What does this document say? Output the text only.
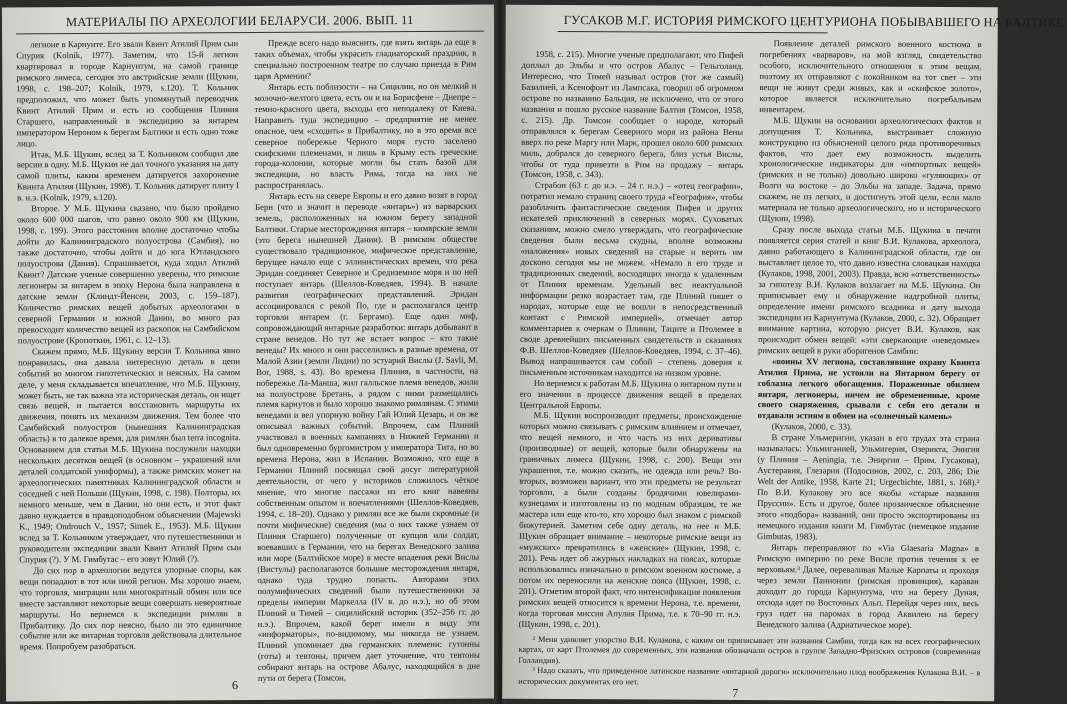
МАТЕРИАЛЫ ПО АРХЕОЛОГИИ БЕЛАРУСИ. 2006. ВЫП. 11

легионе в Карнунте. Его звали Квинт Атилий Прим сын Спурия (Kolník, 1977). Заметим, что 15-й легион квартировал в городе Карнунтум, на самой границе римского лимеса, сегодня это австрийские земли (Щукин, 1998, с. 198–207; Kolník, 1979, s.120). Т. Кольник предположил, что может быть упомянутый переводчик Квинт Атилий Прим и есть из сообщения Плиния Старшего, направленный в экспедицию за янтарем императором Нероном к берегам Балтики и есть одно тоже лицо.

Итак, М.Б. Щукин, вслед за Т. Кольником сообщил две версии в одну. М.Б. Щукин не дал точного указания на дату самой плиты, каким временем датируется захоронение Квинта Атилия (Щукин, 1998). Т. Кольник датирует плиту I в. н.э. (Kolník, 1979, s.120).

Второе. У М.Б. Щукина сказано, что было пройдено около 600 000 шагов, что равно около 900 км (Щукин, 1998, с. 199). Этого расстояния вполне достаточно чтобы дойти до Калининградского полуострова (Самбия), но также достаточно, чтобы дойти и до юга Ютландского полуострова (Дания). Спрашивается, куда ходил Атилий Квинт? Датские ученые совершенно уверены, что римские легионеры за янтарем в эпоху Нерона была направлена в датские земли (Клиндт-Йенсен, 2003, с. 159–187). Количество римских вещей добытых археологами в северной Германии и южной Дании, во много раз превосходит количество вещей из раскопок на Самбийском полуострове (Кропоткин, 1961, с. 12–13).

Скажем прямо, М.Б. Щукину версия Т. Кольника явно понравилась, она давала интересную деталь в цепи событий во многом гипотетических и неясных. На самом деле, у меня складывается впечатление, что М.Б. Щукину, может быть, не так важна эта историческая деталь, он ищет связь вещей, и пытается восстановить маршруты их движения, понять их механизм движения. Тем более что Самбийский полуостров (нынешняя Калининградская область) в то далекое время, для римлян был terra incognita. Основанием для статьи М.Б. Щукина послужили находки нескольких десятков вещей (в основном – украшений или деталей солдатской униформы), а также римских монет на археологических памятниках Калининградской области и соседней с ней Польши (Щукин, 1998, с. 198). Полторы, их немного меньше, чем в Дании, но они есть, и этот факт давно нуждается в правдоподобном объяснении (Majewski K., 1949; Ondrouch V., 1957; Simek E., 1953). М.Б. Щукин вслед за Т. Кольником утверждает, что путешественники и руководители экспедиции звали Квинт Атилий Прим сын Спурия (?). У М. Гимбутас – его зовут Юлий (?).

До сих пор в археологии ведутся упорные споры, как вещи попадают в тот или иной регион. Мы хорошо знаем, что торговля, миграции или многократный обмен или все вместе заставляют некоторые вещи совершать невероятные маршруты. Но вернемся к экспедиции римлян в Прибалтику. До сих пор неясно, было ли это единичное событие или же янтарная торговля действовала длительное время. Попробуем разобраться.

Прежде всего надо выяснить, где взять янтарь да еще в таких объемах, чтобы украсить гладиаторский праздник, в специально построенном театре по случаю приезда в Рим царя Армении?

Янтарь есть поблизости – на Сицилии, но он мелкий и молочно-желтого цвета, есть он и на Борисфене – Днепре – темно-красного цвета, выходы его неподалеку от Киева. Направить туда экспедицию – предприятие не менее опасное, чем «сходить» в Прибалтику, но в это время все северное побережье Черного моря густо заселено скифскими племенами, и лишь в Крыму есть греческие города-колонии, которые могли бы стать базой для экспедиции, но власть Рима, тогда на них не распространялась.

Янтарь есть на севере Европы и его давно возят в город Берн (что и значит в переводе «янтарь») из варварских земель, расположенных на южном берегу западной Балтики. Старые месторождения янтаря – кимврские земли (это берега нынешней Дании). В римском обществе существовало традиционное, мифическое представление, берущее начало еще с эллинистических времен, что река Эридан соединяет Северное и Средиземное моря и по ней поступает янтарь (Шеллов-Коведяев, 1994). В начале развития географических представлений. Эридан ассоциировался с рекой По, где и располагался центр торговли янтарем (г. Бергамо). Еще один миф, сопровождающий янтарные разработки: янтарь добывают в стране венедов. Но тут же встает вопрос – кто такие венеды? Их много и они расселились в разные времена, от Малой Азии (земли Лидии) по эстуарий Вислы (J. Savli, M. Bor, 1988, s. 43). Во времена Плиния, в частности, на побережье Ла-Манша, жил галльское племя венедов, жили на полуострове Бретань, а рядом с ними размещались племя карнутов и было хорошо знакомо римлянам. С этими венедами и вел упорную войну Гай Юлий Цезарь, и он же описывал важных событий. Впрочем, сам Плиний участвовал в военных кампаниях в Нижней Германии и был одновременно бургомистром у императора Тита, но во времена Нерона, жил в Испании. Возможно, что еще в Германии Плиний посвящал свой досуг литературной деятельности, от чего у историков сложилось чёткое мнение, что многие пассажи из его книг навеяны собственным опытом и впечатлениями (Шеллов-Коведяев, 1994, с. 18–20). Однако у римлян все же были скромные (и почти мифические) сведения (мы о них также узнаем от Плиния Старшего) полученные от купцов или солдат, воевавших в Германии, что на берегах Венедского залива или море (Балтийское море) в месте впадения реки Вислы (Вистулы) располагаются большие месторождения янтаря, однако туда трудно попасть. Авторами этих полумифических сведений были путешественники за пределы империи Маркелла (IV в. до н.э.), но об этом Плиний и Тимей – сицилийский историк (352–256 гг. до н.э.). Впрочем, какой берег имели в виду эти «информаторы», по-видимому, мы никогда не узнаем. Плиний упоминает два германских племени: гутонны (готы) и тевтоны, причем дает уточнение, что тевтоны собирают янтарь на острове Абалус, находящийся в дне пути от берега (Томсон,

6
ГУСАКОВ М.Г. ИСТОРИЯ РИМСКОГО ЦЕНТУРИОНА ПОБЫВАВШЕГО НА БАЛТИКЕ.

1958, с. 215). Многие ученые предполагают, что Пифей доплыл до Эльбы и что остров Абалус – Гельголанд. Интересно, что Тимей называл остров (тот же самый) Базилией, а Ксенофонт из Лампсака, говорил об огромном острове по названию Бальция, не исключено, что от этого названия и пошло русское название Балтия (Томсон, 1958, с. 215). Др. Томсон сообщает о народе, который отправлялся к берегам Северного моря из района Вены вверх по реке Маргу или Марк, прошел около 600 римских миль, добрался до северного берега, близ устья Вислы, чтобы от туда привезти в Рим на продажу – янтарь (Томсон, 1958, с. 343).

Страбон (63 г. до н.э. – 24 г. н.э.) – «отец географии», потратил немало страниц своего труда «География», чтобы разоблачить фантастические сведения Пифея и других искателей приключений в северных морях. Суховатых сказаниям, можно смело утверждать, что географические сведения были весьма скудны, вполне возможны «наложения» новых сведений на старые и верить им досконо сегодня мы не можем. «Немало в его труде и традиционных сведений, восходящих иногда к удаленным от Плиния временам. Удельный вес неактуальной информации резко возрастает там, где Плиний пишет о народах, которые еще не вошли в непосредственный контакт с Римской империей», отмечает автор комментариев к очеркам о Плинии, Таците и Птолемее в своде древнейших письменных свидетельств и сказаниях Ф.В. Шеллов-Коведяев (Шеллов-Коведяев, 1994, с. 37–46). Вывод напрашивается сам собой – степень доверия к письменным источникам находится на низком уровне.

Но вернемся к работам М.Б. Щукина о янтарном пути и его значении в процессе движения вещей в пределах Центральной Европы.

М.Б. Щукин воспроизводит предметы, происхождение которых можно связывать с римским влиянием и отмечает, что вещей немного, и что часть из них деривативы (производные) от вещей, которые были обнаружены на граничных лимеса (Щукин, 1998, с. 200). Вещи эти украшения, т.е. можно сказать, не одежда или речь? Во-вторых, возможен вариант, что эти предметы не результат торговли, а были созданы бродячими ювелирами-кузнецами и изготовлены из по модным образцам, те же мастера или еще кто-то, кто хорошо был знаком с римской бижутерией. Заметим себе одну деталь, на нее и М.Б. Щукин обращает внимание – некоторые римские вещи из «мужских» превратились в «женские» (Щукин, 1998, с. 201). Речь идет об ажурных накладках на поясах, которые использовались изначально в римском военном костюме, а потом их переносили на женские пояса (Щукин, 1998, с. 201). Отметим второй факт, что интенсификация появления римских вещей относится к времени Нерона, т.е. времени, когда торговая миссия Апулия Прима, т.е. к 70–90 гг. н.э. (Щукин, 1998, с. 201).

Появление деталей римского военного костюма в погребениях «варваров», на мой взгляд, свидетельство особого, исключительного отношения к этим вещам, поэтому их отправляют с покойником на тот свет – эти вещи не живут среди живых, как и «скифское золото», которое является исключительно погребальным инвентарем.

М.Б. Щукин на основании археологических фактов и допущения Т. Кольника, выстраивает сложную конструкцию из объяснений целого ряда противоречивых фактов, что дает ему возможность выделить хронологические индикаторы для «импортных вещей» (римских и не только) довольно широко «гуляющих» от Волги на востоке – до Эльбы на западе. Задача, прямо скажем, не из легких, и достигнуть этой цели, если мало материала не только археологического, но и исторического (Щукин, 1998).

Сразу после выхода статьи М.Б. Щукина в печати появляется серия статей и книг В.И. Кулакова, археолога, давно работающего в Калининградской области, где он выставляет целое то, что давно известна словацкая находка (Кулаков, 1998, 2001, 2003). Правда, всю «ответственность» за гипотезу В.И. Кулаков возлагает на М.Б. Щукина. Он приписывает ему и обнаружение надгробной плиты, определение имени римского всадника и дату выхода экспедиции из Карнунтума (Кулаков, 2000, с. 32). Обращает внимание картина, которую рисует В.И. Кулаков, как происходит обмен вещей: «эти сверкающие «неведомые» римских вещей в руки аборигенов Самбии:

«воины XV легиона, составлявшие охрану Квинта Атилия Прима, не устояли на Янтарном берегу от соблазна легкого обогащения. Пораженные обилием янтаря, легионеры, ничем не обремененные, кроме своего снаряжения, срывали с себя его детали и отдавали эстиям в обмен на «солнечный камень»

(Кулаков, 2000, с. 33).

В стране Ульмеригии, указан в его трудах эта страна называлась: Ульмиганией, Ульмигерия, Озерикта, Эингия (у Плиния – Aeningia, т.е. Эниргия – Прим. Гусакова), Аустеравия, Глезария (Подосинов, 2002, с. 203, 286; Die Welt der Antike, 1958, Karte 21; Urgechichte, 1881, s. 168).² По В.И. Кулакову эго все якобы «старые названия Пруссии». Есть и другое, более прозаическое объяснение этого «подбора» названий, они просто экспортированы из немецкого издания книги М. Гимбутас (немецкое издание Gimbutas, 1983).

Янтарь переправляют по «Via Glaesaria Magna» в Римскую империю по реке Висле против течения к ее верховьям.³ Далее, переваливая Малые Карпаты и проходя через земли Паннонии (римская провинция), караван доходит до города Карнунтума, что на берегу Дуная, отсюда идет по Восточных Альп. Перейдя через них, весь груз идет на паромах в город Аквилею на берегу Венедского залива (Адриатическое море).

² Меня удивляет упорство В.И. Кулакова, с каким он приписывает эти названия Самбии, тогда как на всех географических картах, от карт Птолемея до современных, эти названия обозначали остров в группе Западно-Фризских островов (современная Голландия).

³ Надо сказать, что приведенное латинское название «янтарной дороги» исключительно плод воображения Кулакова В.И. – в исторических документах его нет.

7
